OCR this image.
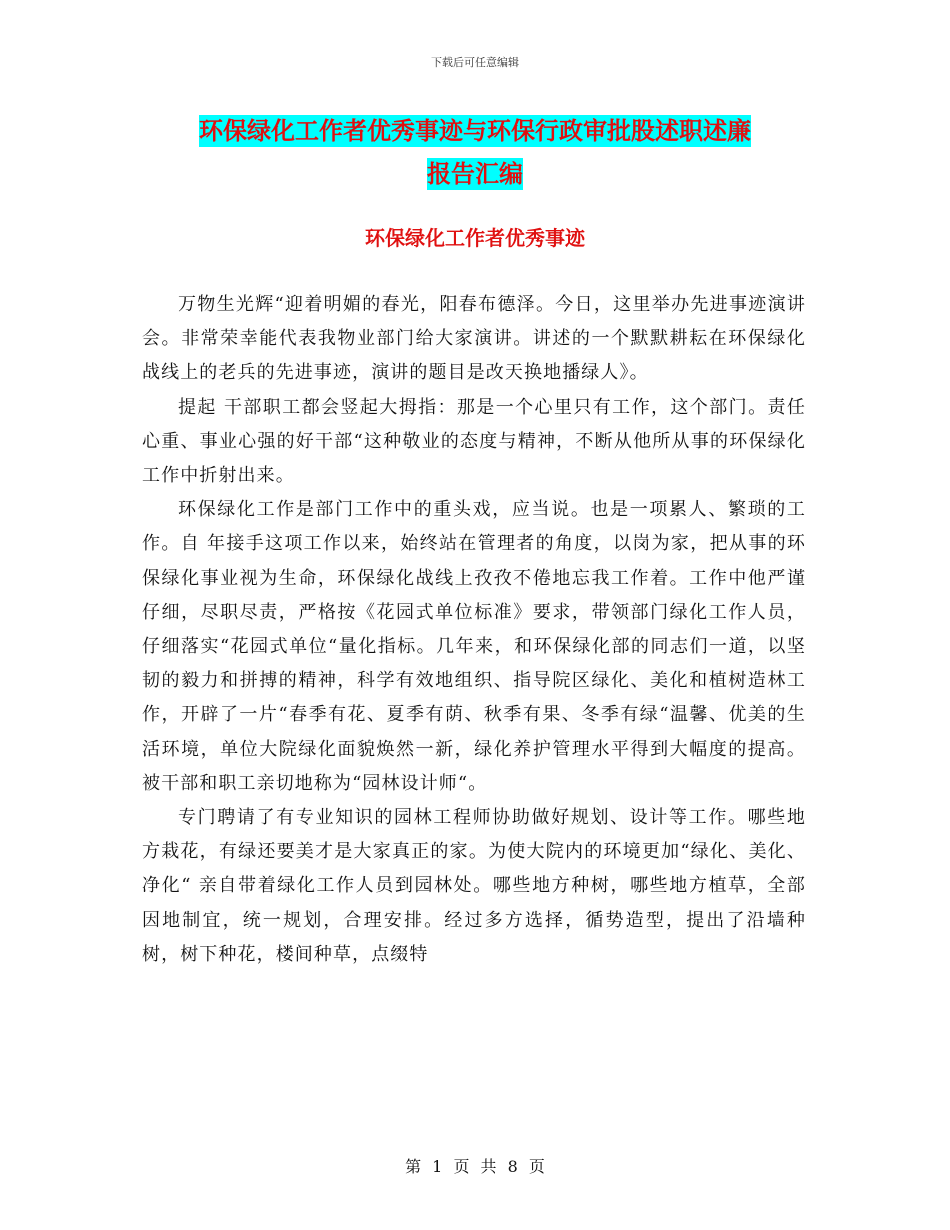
下载后可任意编辑
环保绿化工作者优秀事迹与环保行政审批股述职述廉
报告汇编
环保绿化工作者优秀事迹

万物生光辉“迎着明媚的春光，阳春布德泽。今日，这里举办先进事迹演讲会。非常荣幸能代表我物业部门给大家演讲。讲述的一个默默耕耘在环保绿化战线上的老兵的先进事迹，演讲的题目是改天换地播绿人》。

提起 干部职工都会竖起大拇指：那是一个心里只有工作，这个部门。责任心重、事业心强的好干部“这种敬业的态度与精神，不断从他所从事的环保绿化工作中折射出来。

环保绿化工作是部门工作中的重头戏，应当说。也是一项累人、繁琐的工作。自 年接手这项工作以来，始终站在管理者的角度，以岗为家，把从事的环保绿化事业视为生命，环保绿化战线上孜孜不倦地忘我工作着。工作中他严谨仔细，尽职尽责，严格按《花园式单位标准》要求，带领部门绿化工作人员，仔细落实“花园式单位“量化指标。几年来，和环保绿化部的同志们一道，以坚韧的毅力和拼搏的精神，科学有效地组织、指导院区绿化、美化和植树造林工作，开辟了一片“春季有花、夏季有荫、秋季有果、冬季有绿“温馨、优美的生活环境，单位大院绿化面貌焕然一新，绿化养护管理水平得到大幅度的提高。被干部和职工亲切地称为“园林设计师“。

专门聘请了有专业知识的园林工程师协助做好规划、设计等工作。哪些地方栽花，有绿还要美才是大家真正的家。为使大院内的环境更加“绿化、美化、净化“ 亲自带着绿化工作人员到园林处。哪些地方种树，哪些地方植草，全部因地制宜，统一规划，合理安排。经过多方选择，循势造型，提出了沿墙种树，树下种花，楼间种草，点缀特

第 1 页 共 8 页
